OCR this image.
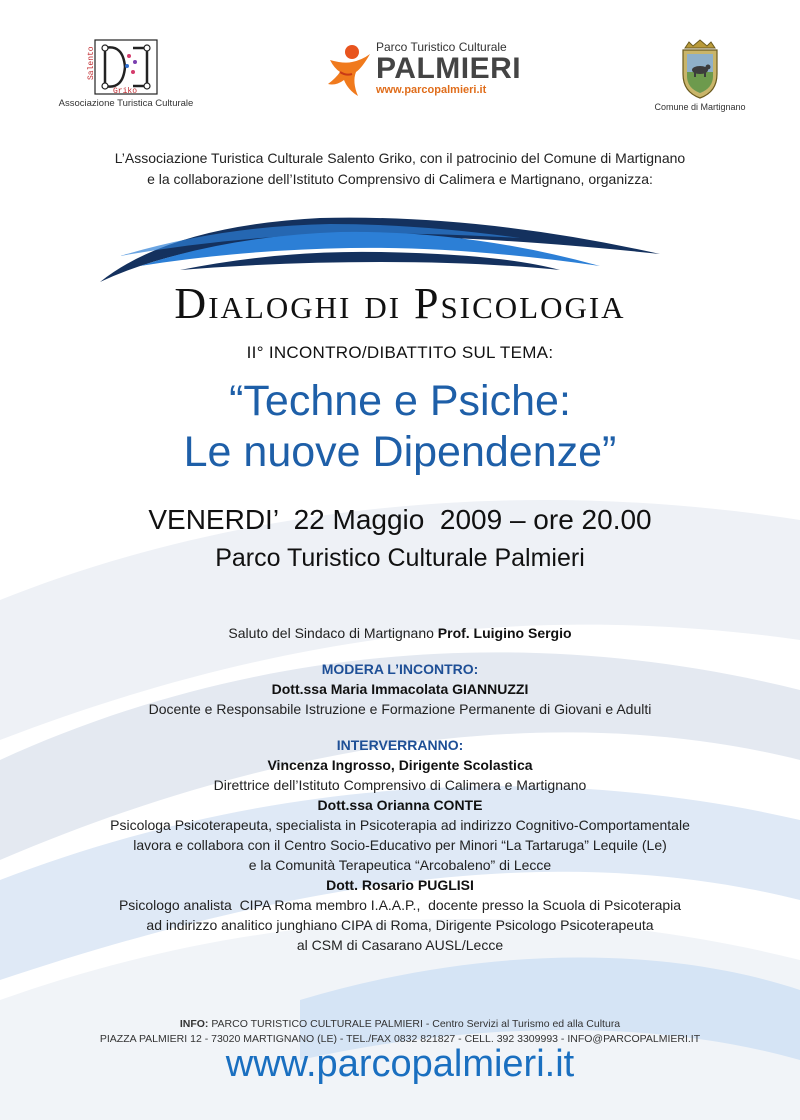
Salento
Griko
Associazione Turistica Culturale
Parco Turistico Culturale
PALMIERI
www.parcopalmieri.it
Comune di Martignano
L’Associazione Turistica Culturale Salento Griko, con il patrocinio del Comune di Martignano
e la collaborazione dell’Istituto Comprensivo di Calimera e Martignano, organizza:
Dialoghi di Psicologia
II° INCONTRO/DIBATTITO SUL TEMA:
“Techne e Psiche:
Le nuove Dipendenze”
VENERDI’  22 Maggio  2009 – ore 20.00
Parco Turistico Culturale Palmieri
Saluto del Sindaco di Martignano Prof. Luigino Sergio
MODERA L’INCONTRO:
Dott.ssa Maria Immacolata GIANNUZZI
Docente e Responsabile Istruzione e Formazione Permanente di Giovani e Adulti
INTERVERRANNO:
Vincenza Ingrosso, Dirigente Scolastica
Direttrice dell’Istituto Comprensivo di Calimera e Martignano
Dott.ssa Orianna CONTE
Psicologa Psicoterapeuta, specialista in Psicoterapia ad indirizzo Cognitivo-Comportamentale
lavora e collabora con il Centro Socio-Educativo per Minori “La Tartaruga” Lequile (Le)
e la Comunità Terapeutica “Arcobaleno” di Lecce
Dott. Rosario PUGLISI
Psicologo analista  CIPA Roma membro I.A.A.P.,  docente presso la Scuola di Psicoterapia
ad indirizzo analitico junghiano CIPA di Roma, Dirigente Psicologo Psicoterapeuta
al CSM di Casarano AUSL/Lecce
INFO: PARCO TURISTICO CULTURALE PALMIERI - Centro Servizi al Turismo ed alla Cultura
PIAZZA PALMIERI 12 - 73020 MARTIGNANO (LE) - TEL./FAX 0832 821827 - CELL. 392 3309993 - INFO@PARCOPALMIERI.IT
www.parcopalmieri.it
